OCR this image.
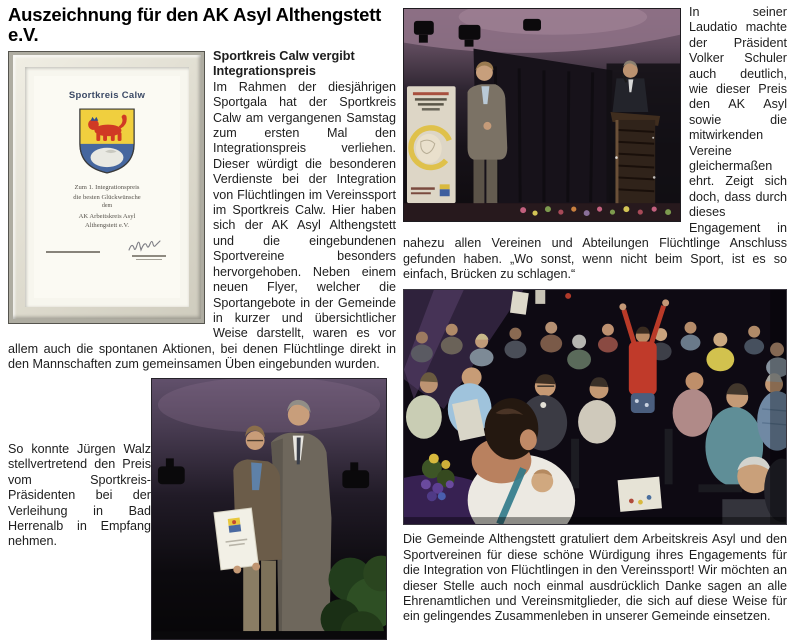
Auszeichnung für den AK Asyl Althengstett e.V.
Sportkreis Calw
Zum 1. Integrationspreis
die besten Glückwünsche
dem
AK Arbeitskreis Asyl
Althengstett e.V.
Sportkreis Calw vergibt Integrationspreis

Im Rahmen der diesjährigen Sportgala hat der Sportkreis Calw am vergangenen Samstag zum ersten Mal den Integrationspreis verliehen. Dieser würdigt die besonderen Verdienste bei der Integration von Flüchtlingen im Vereinssport im Sportkreis Calw. Hier haben sich der AK Asyl Althengstett und die eingebundenen Sportvereine besonders hervorgehoben. Neben einem neuen Flyer, welcher die Sportangebote in der Gemeinde in kurzer und übersichtlicher Weise darstellt, waren es vor allem auch die spontanen Aktionen, bei denen Flüchtlinge direkt in den Mannschaften zum gemeinsamen Üben eingebunden wurden.

So konnte Jürgen Walz stellvertretend den Preis vom Sportkreis-Präsidenten bei der Verleihung in Bad Herrenalb in Empfang nehmen.

In seiner Laudatio machte der Präsident Volker Schuler auch deutlich, wie dieser Preis den AK Asyl sowie die mitwirkenden Vereine gleichermaßen ehrt. Zeigt sich doch, dass durch dieses Engagement in nahezu allen Vereinen und Abteilungen Flüchtlinge Anschluss gefunden haben. „Wo sonst, wenn nicht beim Sport, ist es so einfach, Brücken zu schlagen.“

Die Gemeinde Althengstett gratuliert dem Arbeitskreis Asyl und den Sportvereinen für diese schöne Würdigung ihres Engagements für die Integration von Flüchtlingen in den Vereinssport! Wir möchten an dieser Stelle auch noch einmal ausdrücklich Danke sagen an alle Ehrenamtlichen und Vereinsmitglieder, die sich auf diese Weise für ein gelingendes Zusammenleben in unserer Gemeinde einsetzen.
